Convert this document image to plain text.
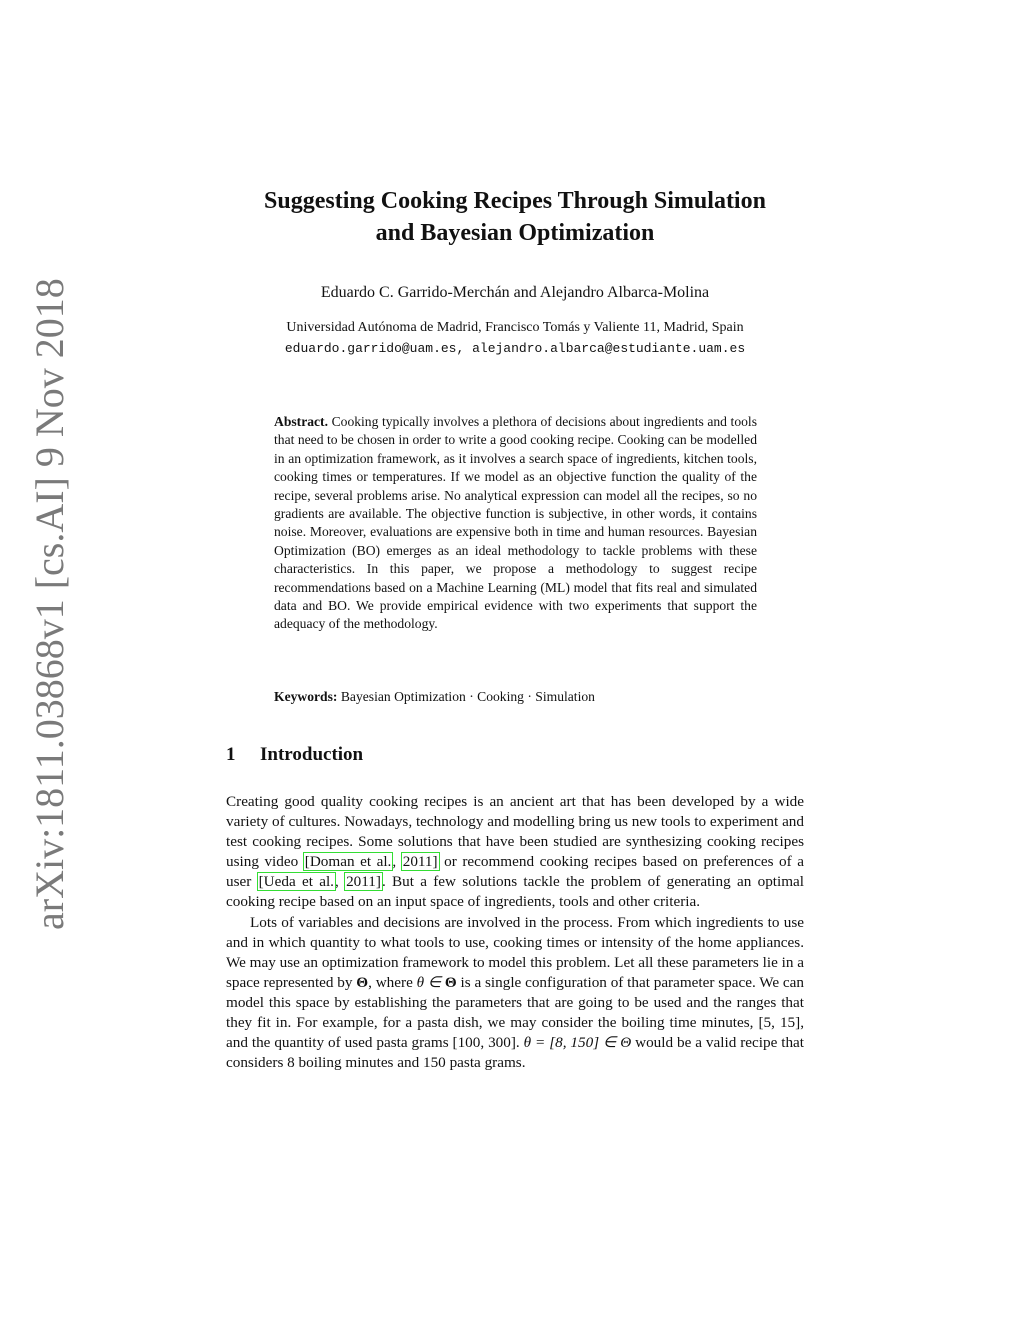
arXiv:1811.03868v1 [cs.AI] 9 Nov 2018
Suggesting Cooking Recipes Through Simulation
and Bayesian Optimization
Eduardo C. Garrido-Merchán and Alejandro Albarca-Molina
Universidad Autónoma de Madrid, Francisco Tomás y Valiente 11, Madrid, Spain
eduardo.garrido@uam.es, alejandro.albarca@estudiante.uam.es
Abstract. Cooking typically involves a plethora of decisions about ingredients and tools that need to be chosen in order to write a good cooking recipe. Cooking can be modelled in an optimization framework, as it involves a search space of ingredients, kitchen tools, cooking times or temperatures. If we model as an objective function the quality of the recipe, several problems arise. No analytical expression can model all the recipes, so no gradients are available. The objective function is subjective, in other words, it contains noise. Moreover, evaluations are expensive both in time and human resources. Bayesian Optimization (BO) emerges as an ideal methodology to tackle problems with these characteristics. In this paper, we propose a methodology to suggest recipe recommendations based on a Machine Learning (ML) model that fits real and simulated data and BO. We provide empirical evidence with two experiments that support the adequacy of the methodology.
Keywords: Bayesian Optimization · Cooking · Simulation
1 Introduction

Creating good quality cooking recipes is an ancient art that has been developed by a wide variety of cultures. Nowadays, technology and modelling bring us new tools to experiment and test cooking recipes. Some solutions that have been studied are synthesizing cooking recipes using video [Doman et al., 2011] or recommend cooking recipes based on preferences of a user [Ueda et al., 2011]. But a few solutions tackle the problem of generating an optimal cooking recipe based on an input space of ingredients, tools and other criteria.

Lots of variables and decisions are involved in the process. From which ingredients to use and in which quantity to what tools to use, cooking times or intensity of the home appliances. We may use an optimization framework to model this problem. Let all these parameters lie in a space represented by Θ, where θ ∈ Θ is a single configuration of that parameter space. We can model this space by establishing the parameters that are going to be used and the ranges that they fit in. For example, for a pasta dish, we may consider the boiling time minutes, [5, 15], and the quantity of used pasta grams [100, 300]. θ = [8, 150] ∈ Θ would be a valid recipe that considers 8 boiling minutes and 150 pasta grams.
